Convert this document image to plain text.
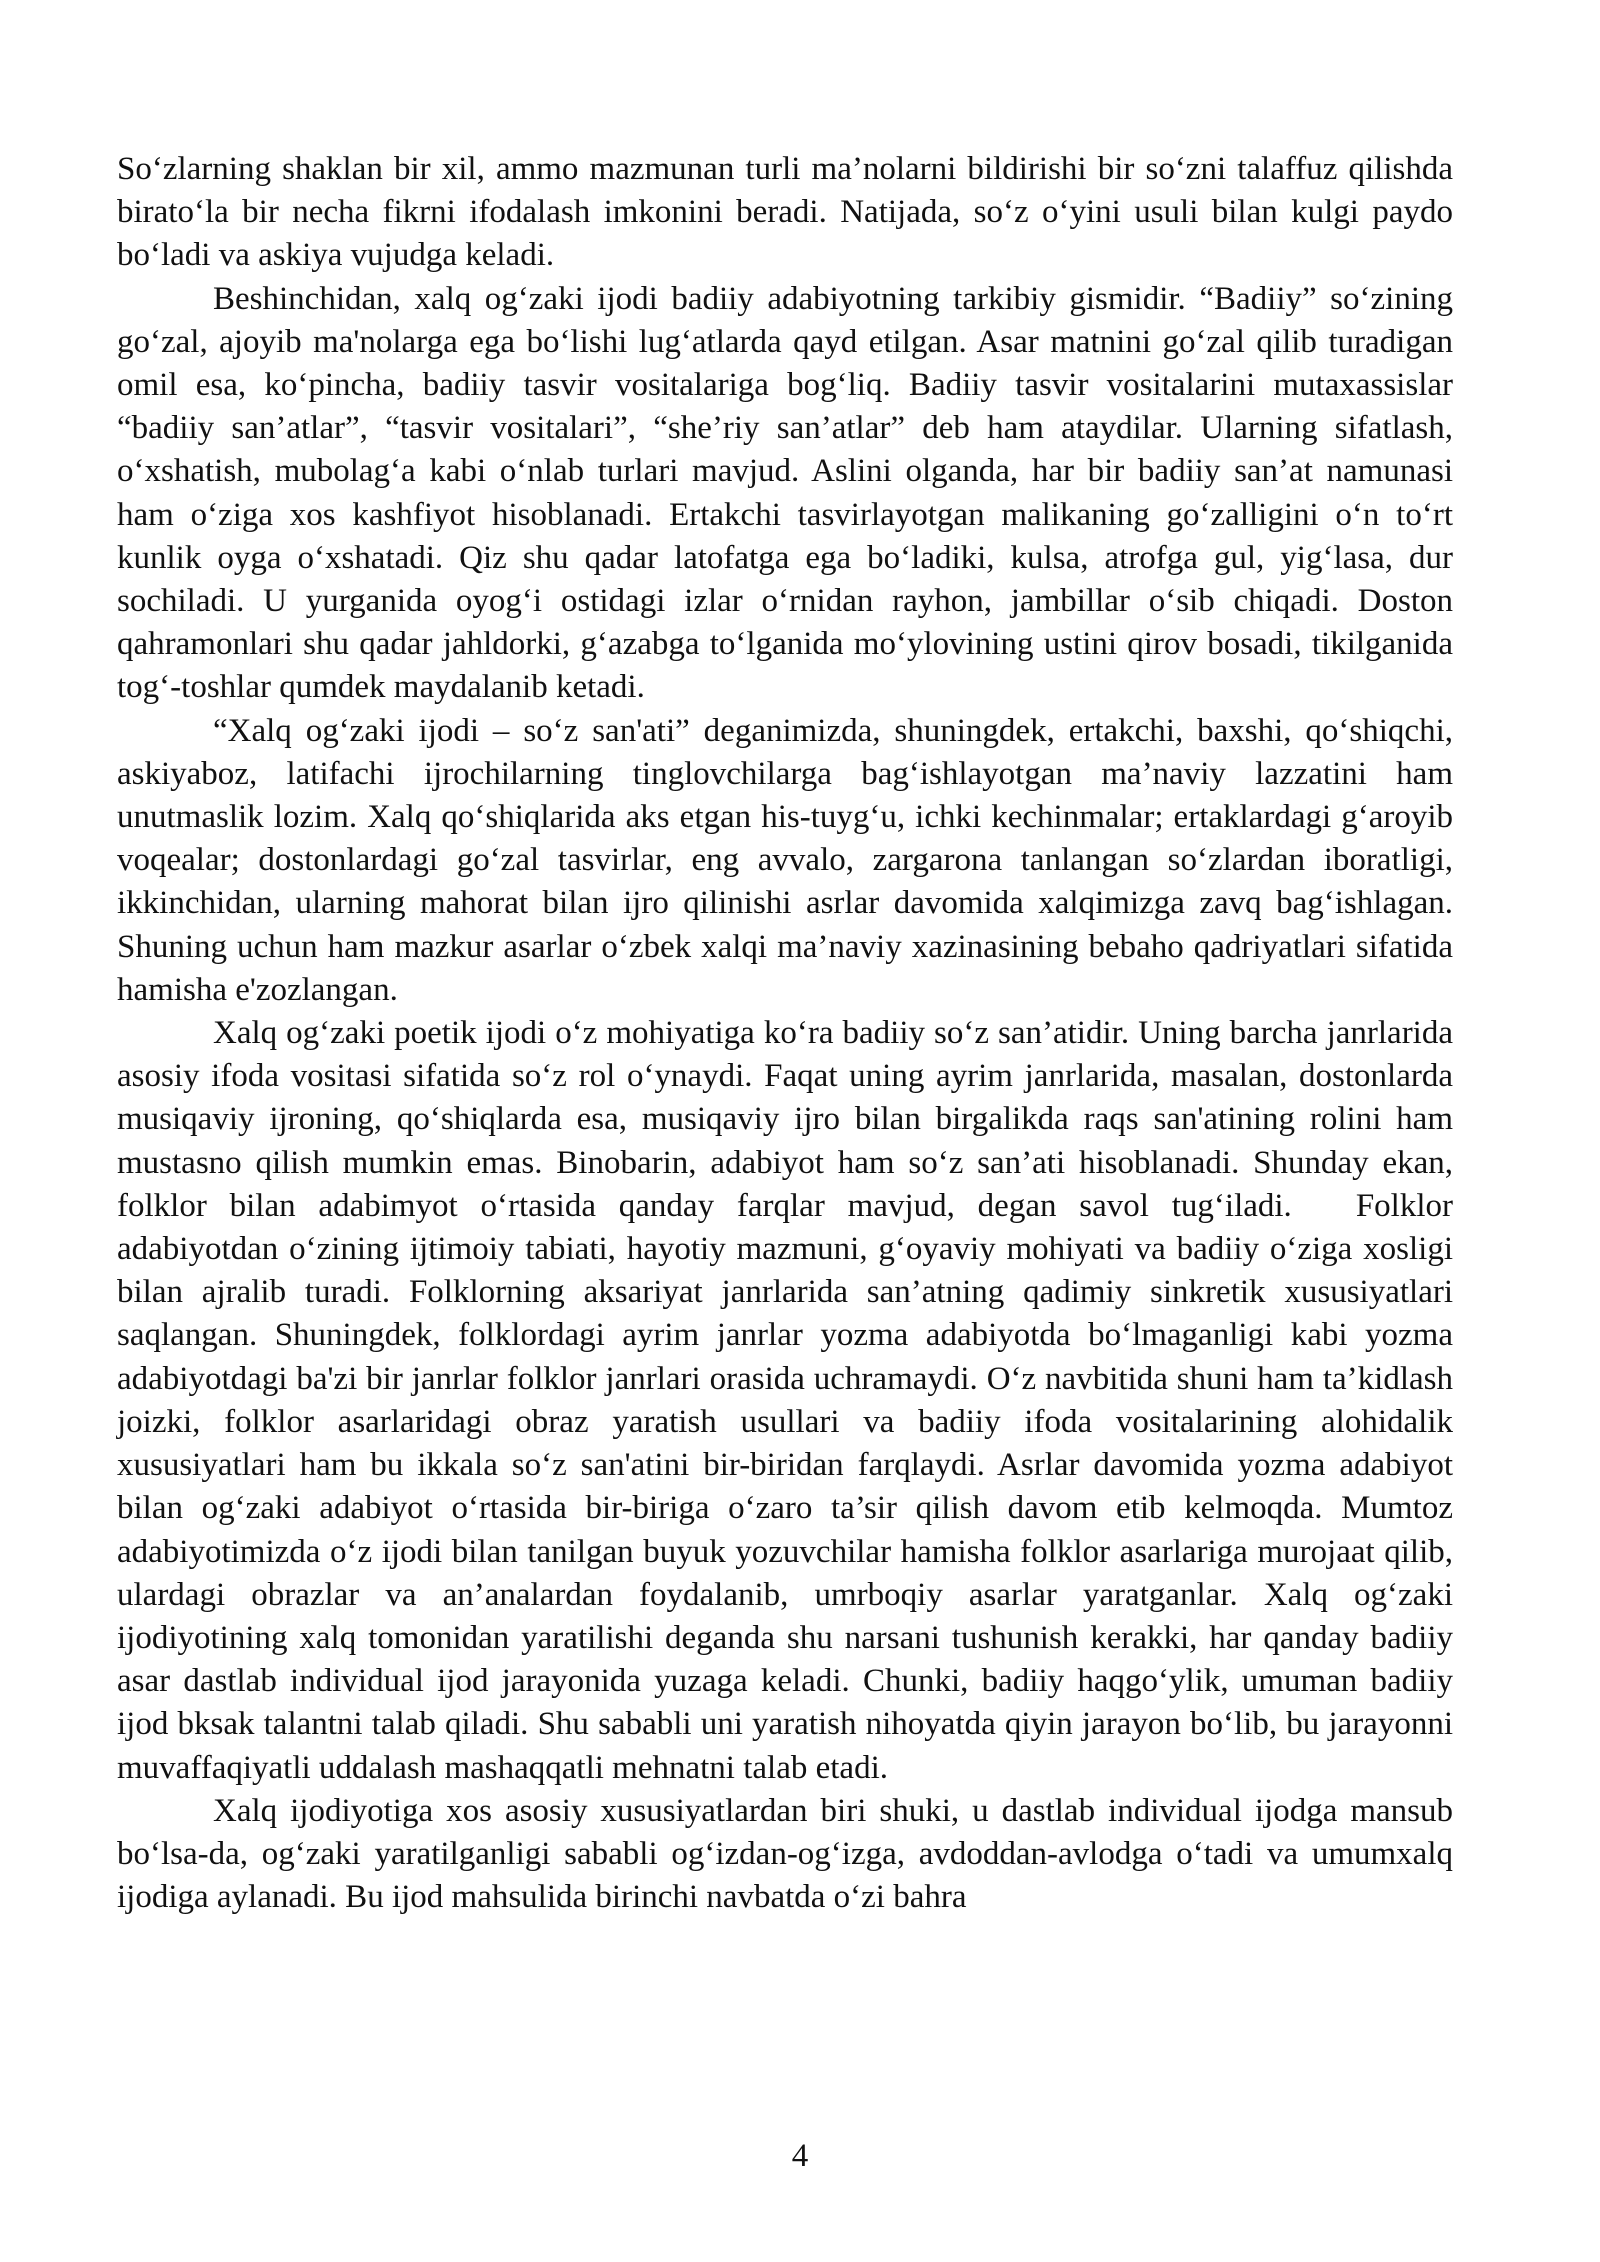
So‘zlarning shaklan bir xil, ammo mazmunan turli ma’nolarni bildirishi bir so‘zni talaffuz qilishda birato‘la bir necha fikrni ifodalash imkonini beradi. Natijada, so‘z o‘yini usuli bilan kulgi paydo bo‘ladi va askiya vujudga keladi.

Beshinchidan, xalq og‘zaki ijodi badiiy adabiyotning tarkibiy gismidir. “Badiiy” so‘zining go‘zal, ajoyib ma'nolarga ega bo‘lishi lug‘atlarda qayd etilgan. Asar matnini go‘zal qilib turadigan omil esa, ko‘pincha, badiiy tasvir vositalariga bog‘liq. Badiiy tasvir vositalarini mutaxassislar “badiiy san’atlar”, “tasvir vositalari”, “she’riy san’atlar” deb ham ataydilar. Ularning sifatlash, o‘xshatish, mubolag‘a kabi o‘nlab turlari mavjud. Aslini olganda, har bir badiiy san’at namunasi ham o‘ziga xos kashfiyot hisoblanadi. Ertakchi tasvirlayotgan malikaning go‘zalligini o‘n to‘rt kunlik oyga o‘xshatadi. Qiz shu qadar latofatga ega bo‘ladiki, kulsa, atrofga gul, yig‘lasa, dur sochiladi. U yurganida oyog‘i ostidagi izlar o‘rnidan rayhon, jambillar o‘sib chiqadi. Doston qahramonlari shu qadar jahldorki, g‘azabga to‘lganida mo‘ylovining ustini qirov bosadi, tikilganida tog‘-toshlar qumdek maydalanib ketadi.

“Xalq og‘zaki ijodi – so‘z san'ati” deganimizda, shuningdek, ertakchi, baxshi, qo‘shiqchi, askiyaboz, latifachi ijrochilarning tinglovchilarga bag‘ishlayotgan ma’naviy lazzatini ham unutmaslik lozim. Xalq qo‘shiqlarida aks etgan his-tuyg‘u, ichki kechinmalar; ertaklardagi g‘aroyib voqealar; dostonlardagi go‘zal tasvirlar, eng avvalo, zargarona tanlangan so‘zlardan iboratligi, ikkinchidan, ularning mahorat bilan ijro qilinishi asrlar davomida xalqimizga zavq bag‘ishlagan. Shuning uchun ham mazkur asarlar o‘zbek xalqi ma’naviy xazinasining bebaho qadriyatlari sifatida hamisha e'zozlangan.

Xalq og‘zaki poetik ijodi o‘z mohiyatiga ko‘ra badiiy so‘z san’atidir. Uning barcha janrlarida asosiy ifoda vositasi sifatida so‘z rol o‘ynaydi. Faqat uning ayrim janrlarida, masalan, dostonlarda musiqaviy ijroning, qo‘shiqlarda esa, musiqaviy ijro bilan birgalikda raqs san'atining rolini ham mustasno qilish mumkin emas. Binobarin, adabiyot ham so‘z san’ati hisoblanadi. Shunday ekan, folklor bilan adabimyot o‘rtasida qanday farqlar mavjud, degan savol tug‘iladi. Folklor adabiyotdan o‘zining ijtimoiy tabiati, hayotiy mazmuni, g‘oyaviy mohiyati va badiiy o‘ziga xosligi bilan ajralib turadi. Folklorning aksariyat janrlarida san’atning qadimiy sinkretik xususiyatlari saqlangan. Shuningdek, folklordagi ayrim janrlar yozma adabiyotda bo‘lmaganligi kabi yozma adabiyotdagi ba'zi bir janrlar folklor janrlari orasida uchramaydi. O‘z navbitida shuni ham ta’kidlash joizki, folklor asarlaridagi obraz yaratish usullari va badiiy ifoda vositalarining alohidalik xususiyatlari ham bu ikkala so‘z san'atini bir-biridan farqlaydi. Asrlar davomida yozma adabiyot bilan og‘zaki adabiyot o‘rtasida bir-biriga o‘zaro ta’sir qilish davom etib kelmoqda. Mumtoz adabiyotimizda o‘z ijodi bilan tanilgan buyuk yozuvchilar hamisha folklor asarlariga murojaat qilib, ulardagi obrazlar va an’analardan foydalanib, umrboqiy asarlar yaratganlar. Xalq og‘zaki ijodiyotining xalq tomonidan yaratilishi deganda shu narsani tushunish kerakki, har qanday badiiy asar dastlab individual ijod jarayonida yuzaga keladi. Chunki, badiiy haqgo‘ylik, umuman badiiy ijod bksak talantni talab qiladi. Shu sababli uni yaratish nihoyatda qiyin jarayon bo‘lib, bu jarayonni muvaffaqiyatli uddalash mashaqqatli mehnatni talab etadi.

Xalq ijodiyotiga xos asosiy xususiyatlardan biri shuki, u dastlab individual ijodga mansub bo‘lsa-da, og‘zaki yaratilganligi sababli og‘izdan-og‘izga, avdoddan-avlodga o‘tadi va umumxalq ijodiga aylanadi. Bu ijod mahsulida birinchi navbatda o‘zi bahra

4
